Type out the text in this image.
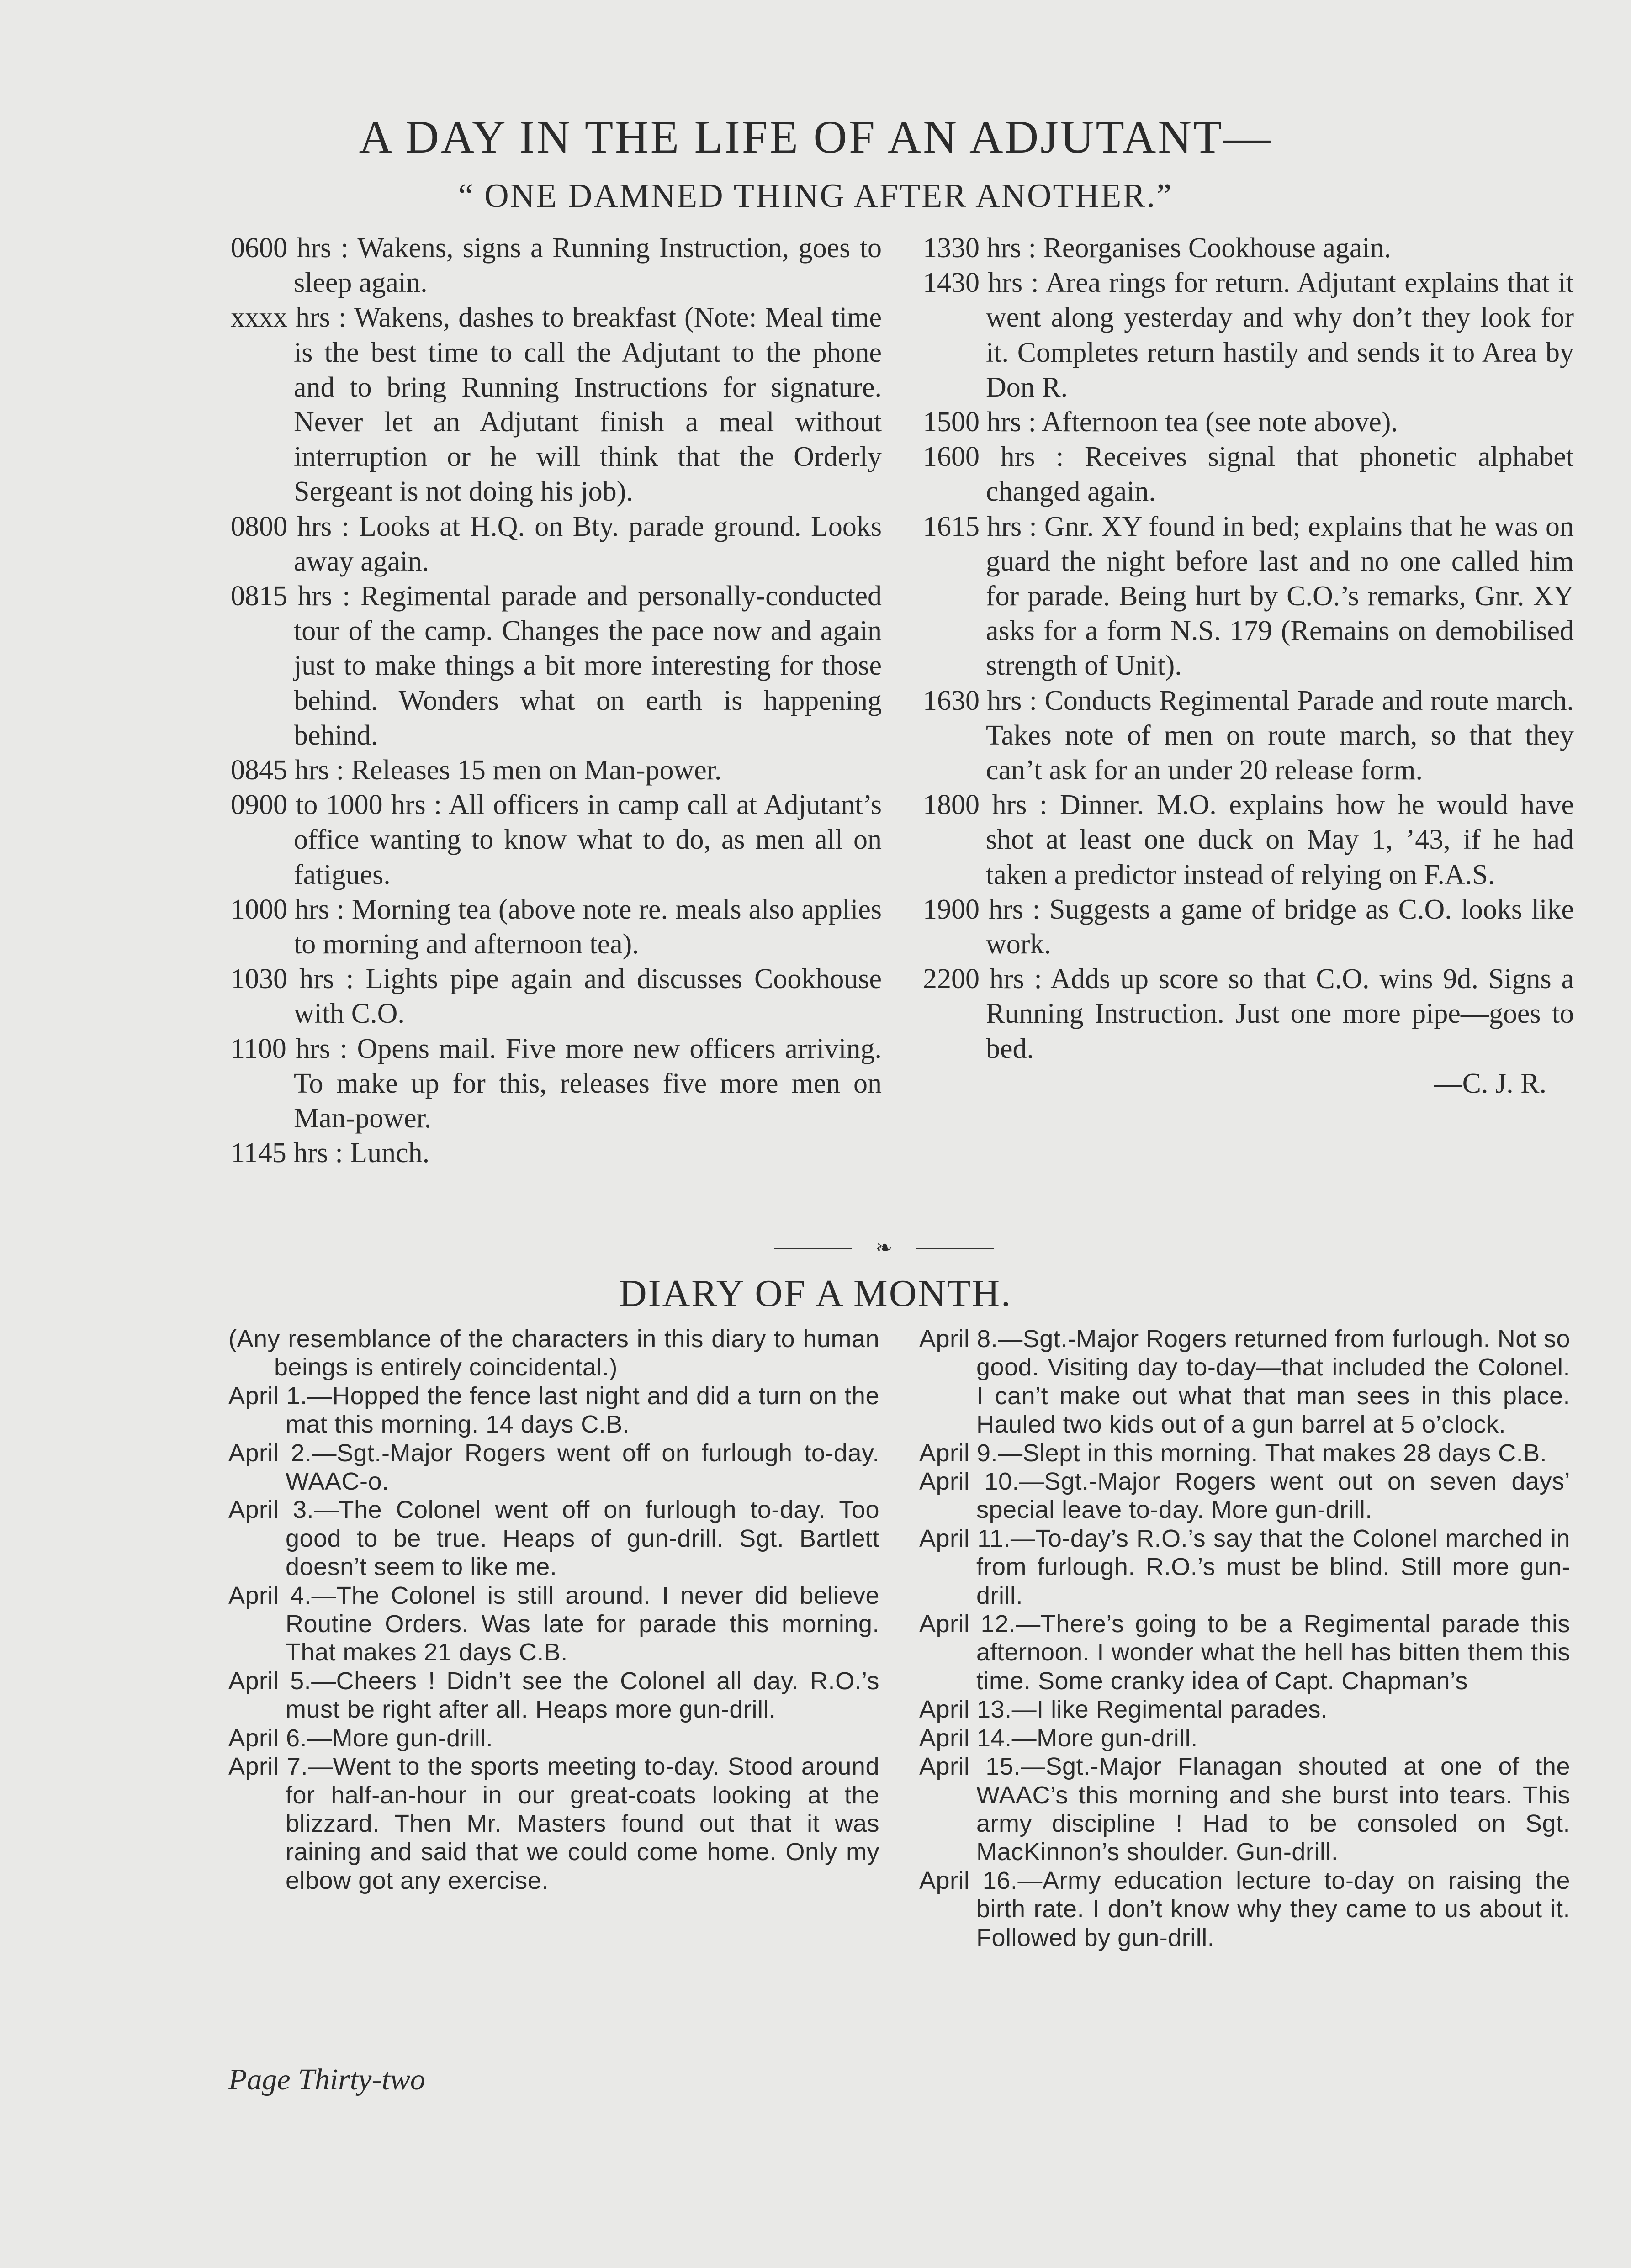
A DAY IN THE LIFE OF AN ADJUTANT—
“ ONE DAMNED THING AFTER ANOTHER.”

0600 hrs : Wakens, signs a Running Instruction, goes to sleep again.

xxxx hrs : Wakens, dashes to breakfast (Note: Meal time is the best time to call the Adjutant to the phone and to bring Running Instructions for signature. Never let an Adjutant finish a meal without interruption or he will think that the Orderly Sergeant is not doing his job).

0800 hrs : Looks at H.Q. on Bty. parade ground. Looks away again.

0815 hrs : Regimental parade and personally-conducted tour of the camp. Changes the pace now and again just to make things a bit more interesting for those behind. Wonders what on earth is happening behind.

0845 hrs : Releases 15 men on Man-power.

0900 to 1000 hrs : All officers in camp call at Adjutant’s office wanting to know what to do, as men all on fatigues.

1000 hrs : Morning tea (above note re. meals also applies to morning and afternoon tea).

1030 hrs : Lights pipe again and discusses Cookhouse with C.O.

1100 hrs : Opens mail. Five more new officers arriving. To make up for this, releases five more men on Man-power.

1145 hrs : Lunch.

1330 hrs : Reorganises Cookhouse again.

1430 hrs : Area rings for return. Adjutant explains that it went along yesterday and why don’t they look for it. Completes return hastily and sends it to Area by Don R.

1500 hrs : Afternoon tea (see note above).

1600 hrs : Receives signal that phonetic alphabet changed again.

1615 hrs : Gnr. XY found in bed; explains that he was on guard the night before last and no one called him for parade. Being hurt by C.O.’s remarks, Gnr. XY asks for a form N.S. 179 (Remains on demobilised strength of Unit).

1630 hrs : Conducts Regimental Parade and route march. Takes note of men on route march, so that they can’t ask for an under 20 release form.

1800 hrs : Dinner. M.O. explains how he would have shot at least one duck on May 1, ’43, if he had taken a predictor instead of relying on F.A.S.

1900 hrs : Suggests a game of bridge as C.O. looks like work.

2200 hrs : Adds up score so that C.O. wins 9d. Signs a Running Instruction. Just one more pipe—goes to bed.

—C. J. R.

❧
DIARY OF A MONTH.

(Any resemblance of the characters in this diary to human beings is entirely coincidental.)

April 1.—Hopped the fence last night and did a turn on the mat this morning. 14 days C.B.

April 2.—Sgt.-Major Rogers went off on furlough to-day. WAAC-o.

April 3.—The Colonel went off on furlough to-day. Too good to be true. Heaps of gun-drill. Sgt. Bartlett doesn’t seem to like me.

April 4.—The Colonel is still around. I never did believe Routine Orders. Was late for parade this morning. That makes 21 days C.B.

April 5.—Cheers ! Didn’t see the Colonel all day. R.O.’s must be right after all. Heaps more gun-drill.

April 6.—More gun-drill.

April 7.—Went to the sports meeting to-day. Stood around for half-an-hour in our great-coats looking at the blizzard. Then Mr. Masters found out that it was raining and said that we could come home. Only my elbow got any exercise.

April 8.—Sgt.-Major Rogers returned from furlough. Not so good. Visiting day to-day—that included the Colonel. I can’t make out what that man sees in this place. Hauled two kids out of a gun barrel at 5 o’clock.

April 9.—Slept in this morning. That makes 28 days C.B.

April 10.—Sgt.-Major Rogers went out on seven days’ special leave to-day. More gun-drill.

April 11.—To-day’s R.O.’s say that the Colonel marched in from furlough. R.O.’s must be blind. Still more gun-drill.

April 12.—There’s going to be a Regimental parade this afternoon. I wonder what the hell has bitten them this time. Some cranky idea of Capt. Chapman’s

April 13.—I like Regimental parades.

April 14.—More gun-drill.

April 15.—Sgt.-Major Flanagan shouted at one of the WAAC’s this morning and she burst into tears. This army discipline ! Had to be consoled on Sgt. MacKinnon’s shoulder. Gun-drill.

April 16.—Army education lecture to-day on raising the birth rate. I don’t know why they came to us about it. Followed by gun-drill.

Page Thirty-two
